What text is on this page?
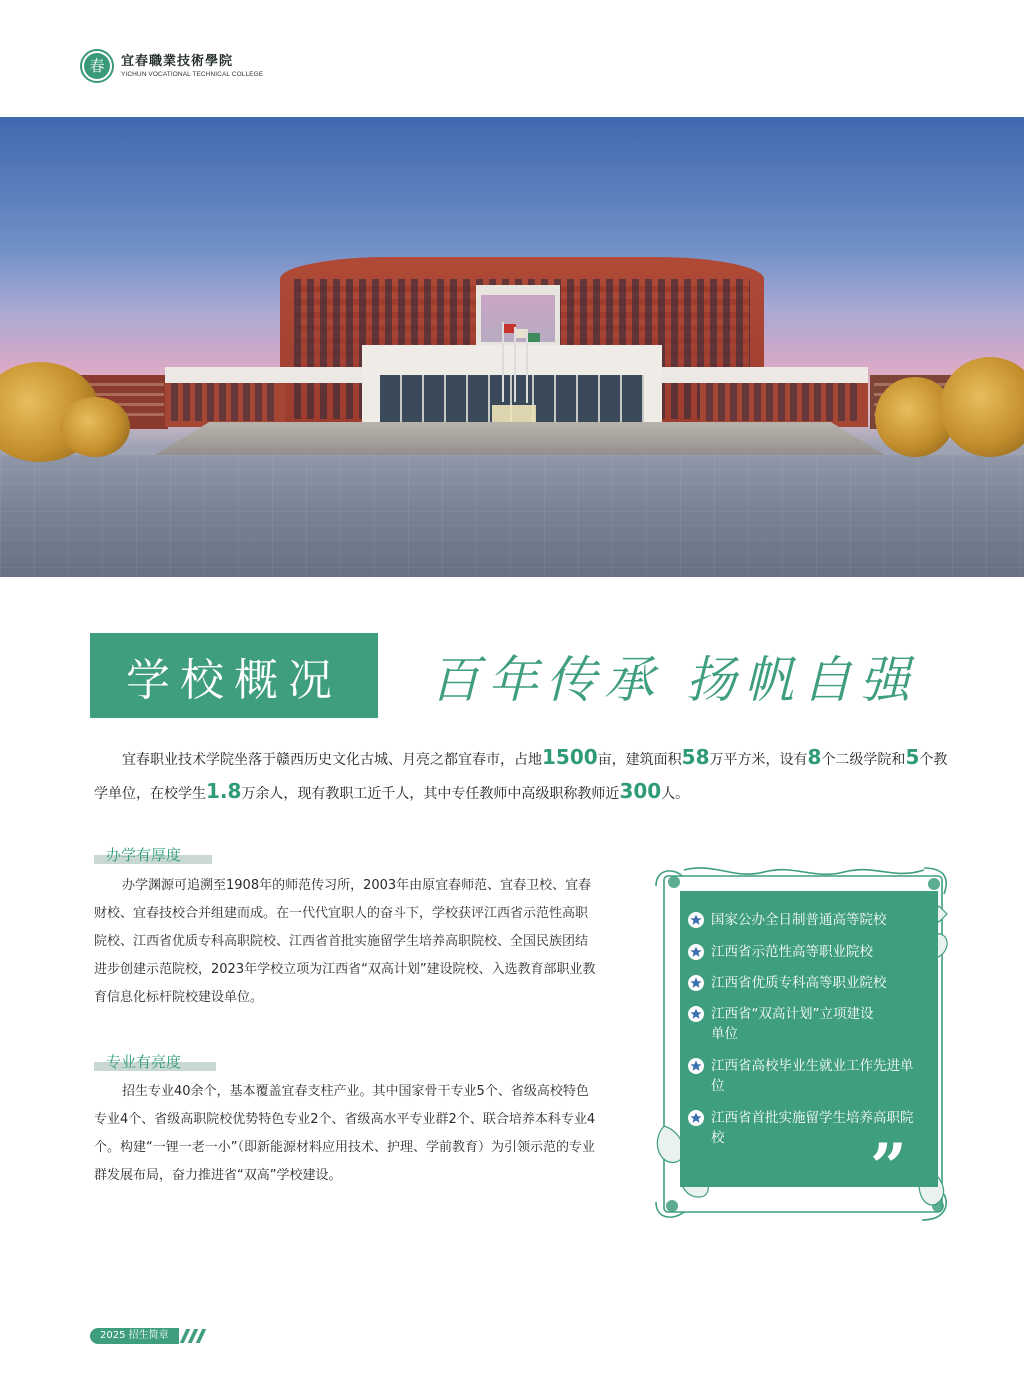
春	宜春職業技術學院
YICHUN VOCATIONAL TECHNICAL COLLEGE
学校概况 百年传承 扬帆自强

宜春职业技术学院坐落于赣西历史文化古城、月亮之都宜春市，占地1500亩，建筑面积58万平方米，设有8个二级学院和5个教学单位，在校学生1.8万余人，现有教职工近千人，其中专任教师中高级职称教师近300人。

办学有厚度

办学渊源可追溯至1908年的师范传习所，2003年由原宜春师范、宜春卫校、宜春财校、宜春技校合并组建而成。在一代代宜职人的奋斗下，学校获评江西省示范性高职院校、江西省优质专科高职院校、江西省首批实施留学生培养高职院校、全国民族团结进步创建示范院校，2023年学校立项为江西省“双高计划”建设院校、入选教育部职业教育信息化标杆院校建设单位。

专业有亮度

招生专业40余个，基本覆盖宜春支柱产业。其中国家骨干专业5个、省级高校特色专业4个、省级高职院校优势特色专业2个、省级高水平专业群2个、联合培养本科专业4个。构建“一锂一老一小”（即新能源材料应用技术、护理、学前教育）为引领示范的专业群发展布局，奋力推进省“双高”学校建设。

国家公办全日制普通高等院校
江西省示范性高等职业院校
江西省优质专科高等职业院校
江西省“双高计划”立项建设单位
江西省高校毕业生就业工作先进单位
江西省首批实施留学生培养高职院校	”
2025 招生简章
